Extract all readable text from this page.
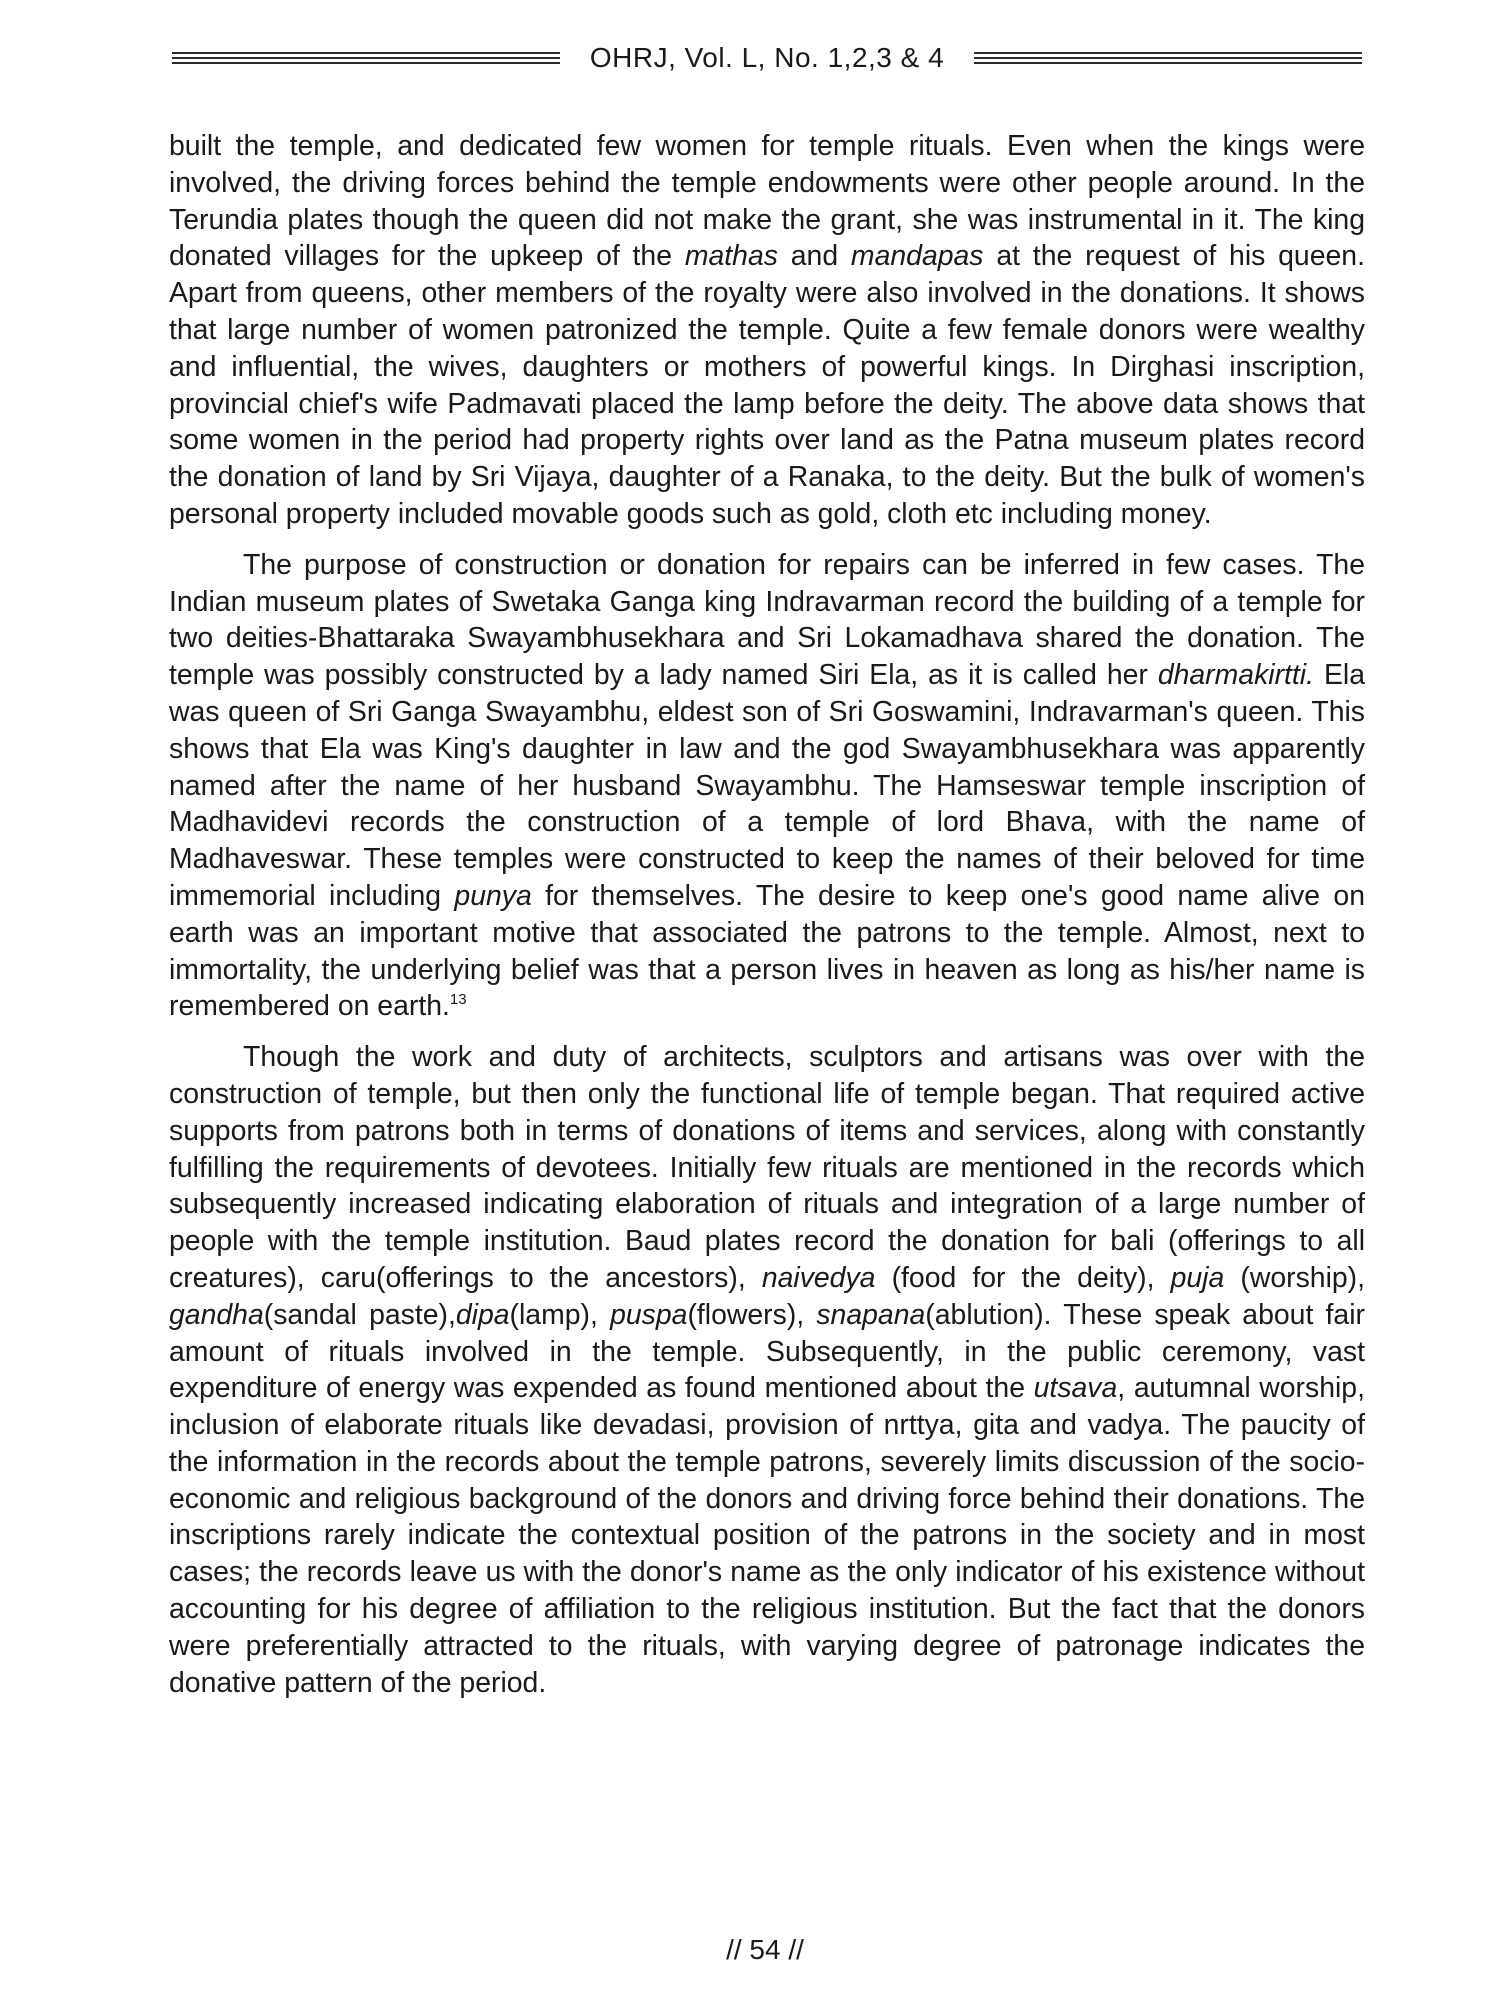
OHRJ, Vol. L, No. 1,2,3 & 4

built the temple, and dedicated few women for temple rituals. Even when the kings were involved, the driving forces behind the temple endowments were other people around. In the Terundia plates though the queen did not make the grant, she was instrumental in it. The king donated villages for the upkeep of the mathas and mandapas at the request of his queen. Apart from queens, other members of the royalty were also involved in the donations. It shows that large number of women patronized the temple. Quite a few female donors were wealthy and influential, the wives, daughters or mothers of powerful kings. In Dirghasi inscription, provincial chief's wife Padmavati placed the lamp before the deity. The above data shows that some women in the period had property rights over land as the Patna museum plates record the donation of land by Sri Vijaya, daughter of a Ranaka, to the deity. But the bulk of women's personal property included movable goods such as gold, cloth etc including money.

The purpose of construction or donation for repairs can be inferred in few cases. The Indian museum plates of Swetaka Ganga king Indravarman record the building of a temple for two deities-Bhattaraka Swayambhusekhara and Sri Lokamadhava shared the donation. The temple was possibly constructed by a lady named Siri Ela, as it is called her dharmakirtti. Ela was queen of Sri Ganga Swayambhu, eldest son of Sri Goswamini, Indravarman's queen. This shows that Ela was King's daughter in law and the god Swayambhusekhara was apparently named after the name of her husband Swayambhu. The Hamseswar temple inscription of Madhavidevi records the construction of a temple of lord Bhava, with the name of Madhaveswar. These temples were constructed to keep the names of their beloved for time immemorial including punya for themselves. The desire to keep one's good name alive on earth was an important motive that associated the patrons to the temple. Almost, next to immortality, the underlying belief was that a person lives in heaven as long as his/her name is remembered on earth.$^{13}$

Though the work and duty of architects, sculptors and artisans was over with the construction of temple, but then only the functional life of temple began. That required active supports from patrons both in terms of donations of items and services, along with constantly fulfilling the requirements of devotees. Initially few rituals are mentioned in the records which subsequently increased indicating elaboration of rituals and integration of a large number of people with the temple institution. Baud plates record the donation for bali (offerings to all creatures), caru(offerings to the ancestors), naivedya (food for the deity), puja (worship), gandha(sandal paste),dipa(lamp), puspa(flowers), snapana(ablution). These speak about fair amount of rituals involved in the temple. Subsequently, in the public ceremony, vast expenditure of energy was expended as found mentioned about the utsava, autumnal worship, inclusion of elaborate rituals like devadasi, provision of nrttya, gita and vadya. The paucity of the information in the records about the temple patrons, severely limits discussion of the socio-economic and religious background of the donors and driving force behind their donations. The inscriptions rarely indicate the contextual position of the patrons in the society and in most cases; the records leave us with the donor's name as the only indicator of his existence without accounting for his degree of affiliation to the religious institution. But the fact that the donors were preferentially attracted to the rituals, with varying degree of patronage indicates the donative pattern of the period.

// 54 //
